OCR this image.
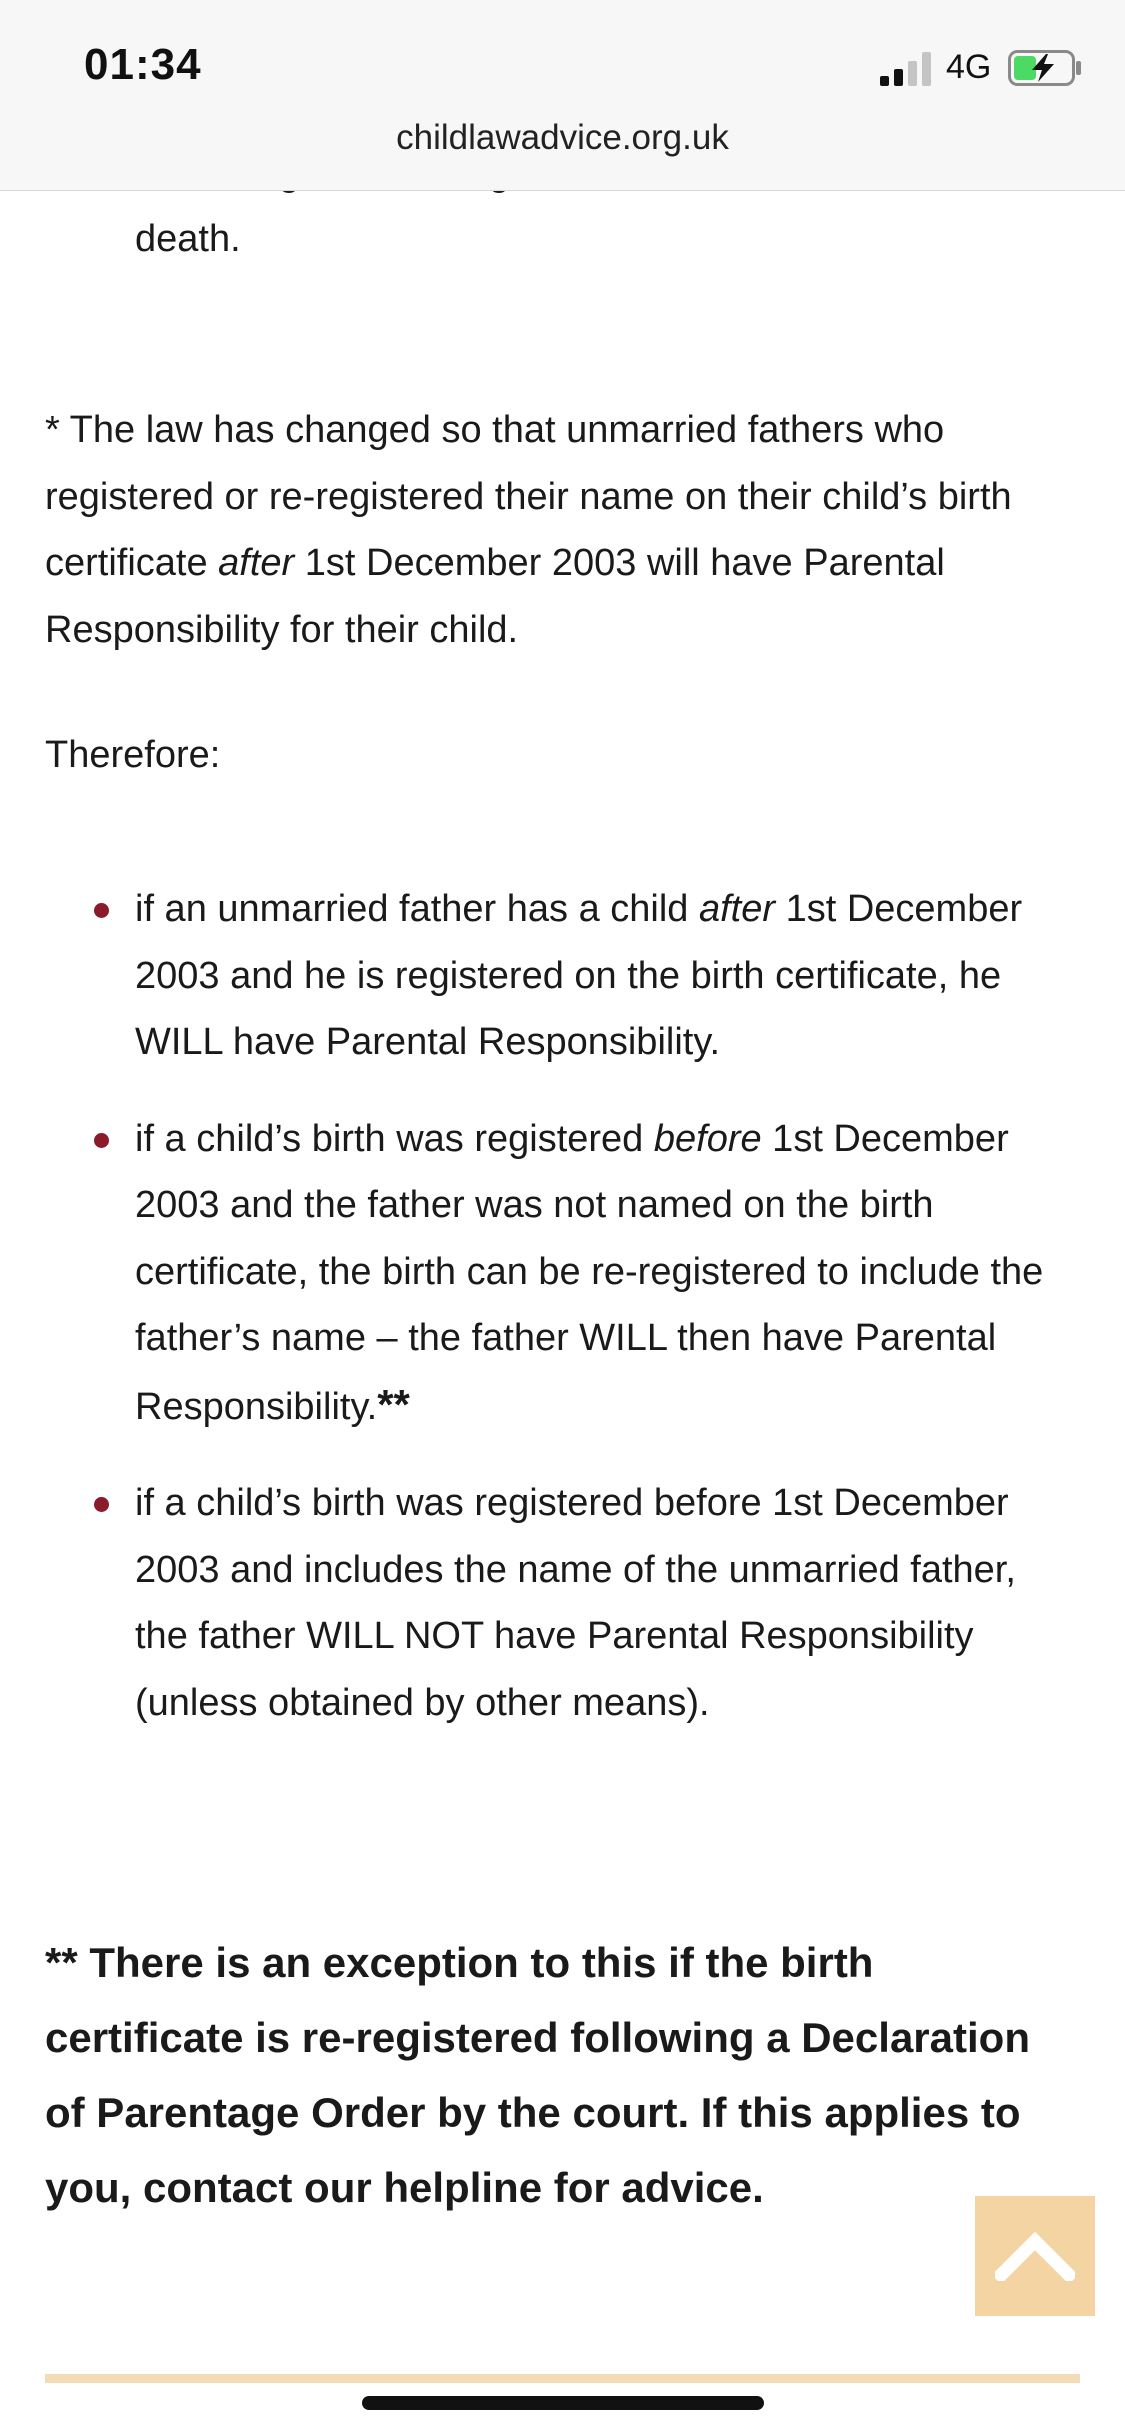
death.

* The law has changed so that unmarried fathers who registered or re-registered their name on their child’s birth certificate after 1st December 2003 will have Parental Responsibility for their child.

Therefore:

if an unmarried father has a child after 1st December 2003 and he is registered on the birth certificate, he WILL have Parental Responsibility.
if a child’s birth was registered before 1st December 2003 and the father was not named on the birth certificate, the birth can be re-registered to include the father’s name – the father WILL then have Parental Responsibility.**
if a child’s birth was registered before 1st December 2003 and includes the name of the unmarried father, the father WILL NOT have Parental Responsibility (unless obtained by other means).

** There is an exception to this if the birth certificate is re-registered following a Declaration of Parentage Order by the court. If this applies to you, contact our helpline for advice.

01:34	4G
childlawadvice.org.uk
